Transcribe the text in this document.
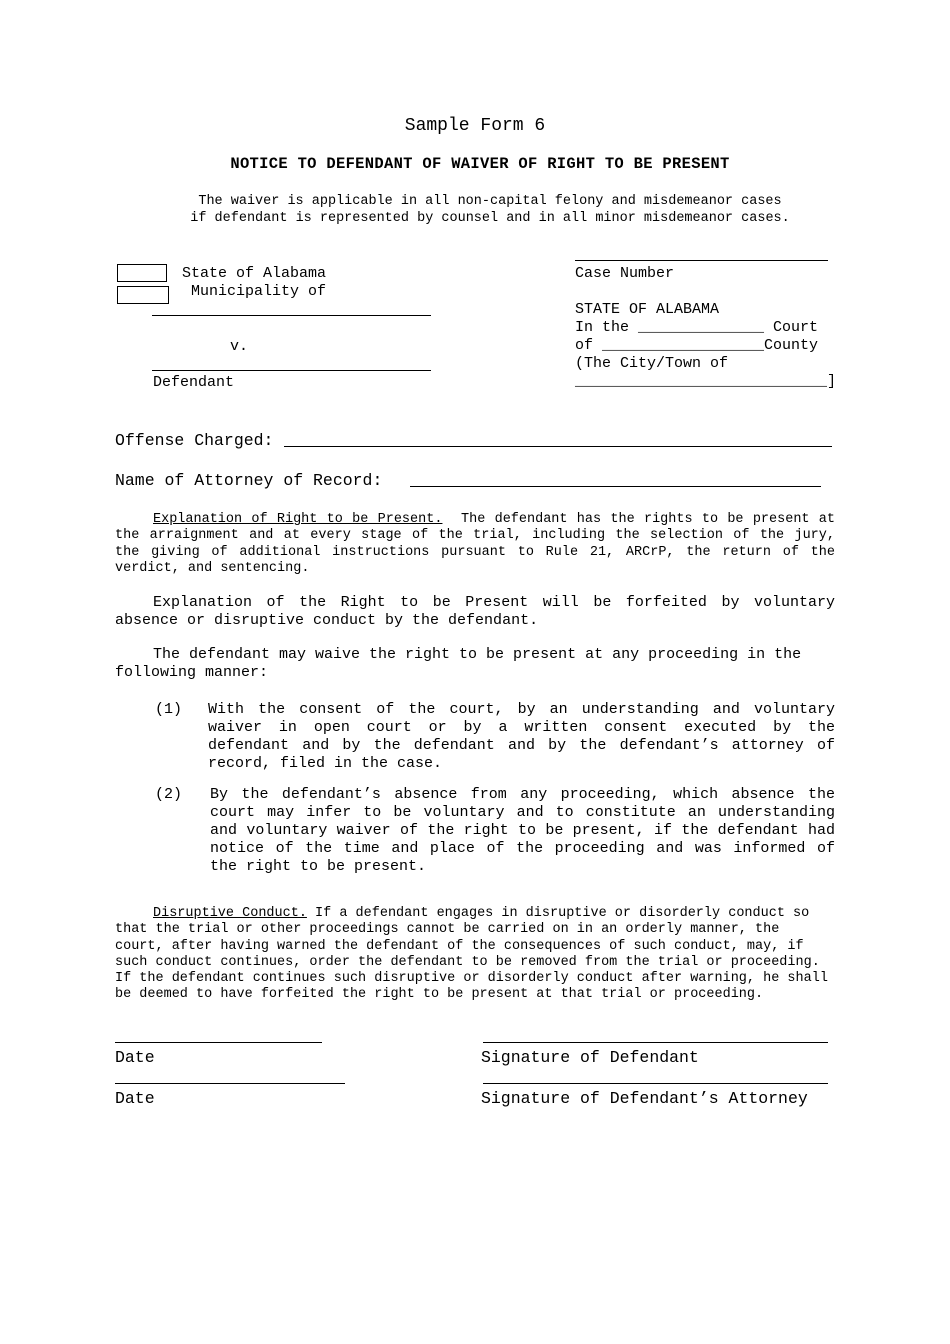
Sample Form 6
NOTICE TO DEFENDANT OF WAIVER OF RIGHT TO BE PRESENT
The waiver is applicable in all non-capital felony and misdemeanor cases
if defendant is represented by counsel and in all minor misdemeanor cases.
State of Alabama
Municipality of
v.
Defendant
Case Number
STATE OF ALABAMA
In the ______________ Court
of __________________County
(The City/Town of
____________________________]
Offense Charged:
Name of Attorney of Record:
Explanation of Right to be Present. The defendant has the rights to be present at the arraignment and at every stage of the trial, including the selection of the jury, the giving of additional instructions pursuant to Rule 21, ARCrP, the return of the verdict, and sentencing.
Explanation of the Right to be Present will be forfeited by voluntary absence or disruptive conduct by the defendant.
The defendant may waive the right to be present at any proceeding in the following manner:
(1) With the consent of the court, by an understanding and voluntary waiver in open court or by a written consent executed by the defendant and by the defendant and by the defendant’s attorney of record, filed in the case.
(2) By the defendant’s absence from any proceeding, which absence the court may infer to be voluntary and to constitute an understanding and voluntary waiver of the right to be present, if the defendant had notice of the time and place of the proceeding and was informed of the right to be present.
Disruptive Conduct. If a defendant engages in disruptive or disorderly conduct so that the trial or other proceedings cannot be carried on in an orderly manner, the court, after having warned the defendant of the consequences of such conduct, may, if such conduct continues, order the defendant to be removed from the trial or proceeding. If the defendant continues such disruptive or disorderly conduct after warning, he shall be deemed to have forfeited the right to be present at that trial or proceeding.
Date	Signature of Defendant
Date	Signature of Defendant’s Attorney
